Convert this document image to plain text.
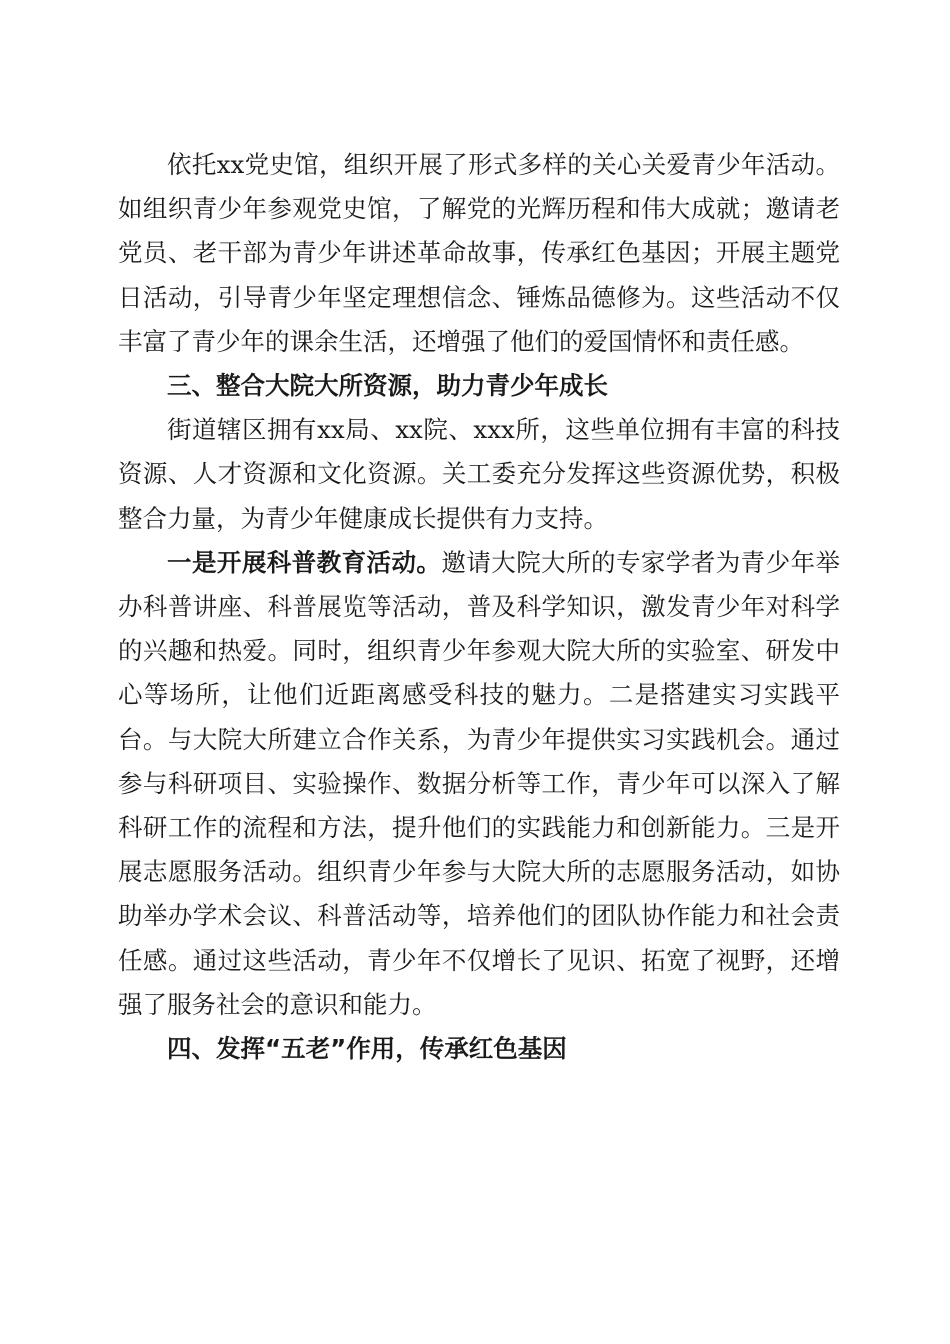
依托xx党史馆，组织开展了形式多样的关心关爱青少年活动。如组织青少年参观党史馆，了解党的光辉历程和伟大成就；邀请老党员、老干部为青少年讲述革命故事，传承红色基因；开展主题党日活动，引导青少年坚定理想信念、锤炼品德修为。这些活动不仅丰富了青少年的课余生活，还增强了他们的爱国情怀和责任感。

三、整合大院大所资源，助力青少年成长

街道辖区拥有xx局、xx院、xxx所，这些单位拥有丰富的科技资源、人才资源和文化资源。关工委充分发挥这些资源优势，积极整合力量，为青少年健康成长提供有力支持。

一是开展科普教育活动。邀请大院大所的专家学者为青少年举办科普讲座、科普展览等活动，普及科学知识，激发青少年对科学的兴趣和热爱。同时，组织青少年参观大院大所的实验室、研发中心等场所，让他们近距离感受科技的魅力。二是搭建实习实践平台。与大院大所建立合作关系，为青少年提供实习实践机会。通过参与科研项目、实验操作、数据分析等工作，青少年可以深入了解科研工作的流程和方法，提升他们的实践能力和创新能力。三是开展志愿服务活动。组织青少年参与大院大所的志愿服务活动，如协助举办学术会议、科普活动等，培养他们的团队协作能力和社会责任感。通过这些活动，青少年不仅增长了见识、拓宽了视野，还增强了服务社会的意识和能力。

四、发挥“五老”作用，传承红色基因
